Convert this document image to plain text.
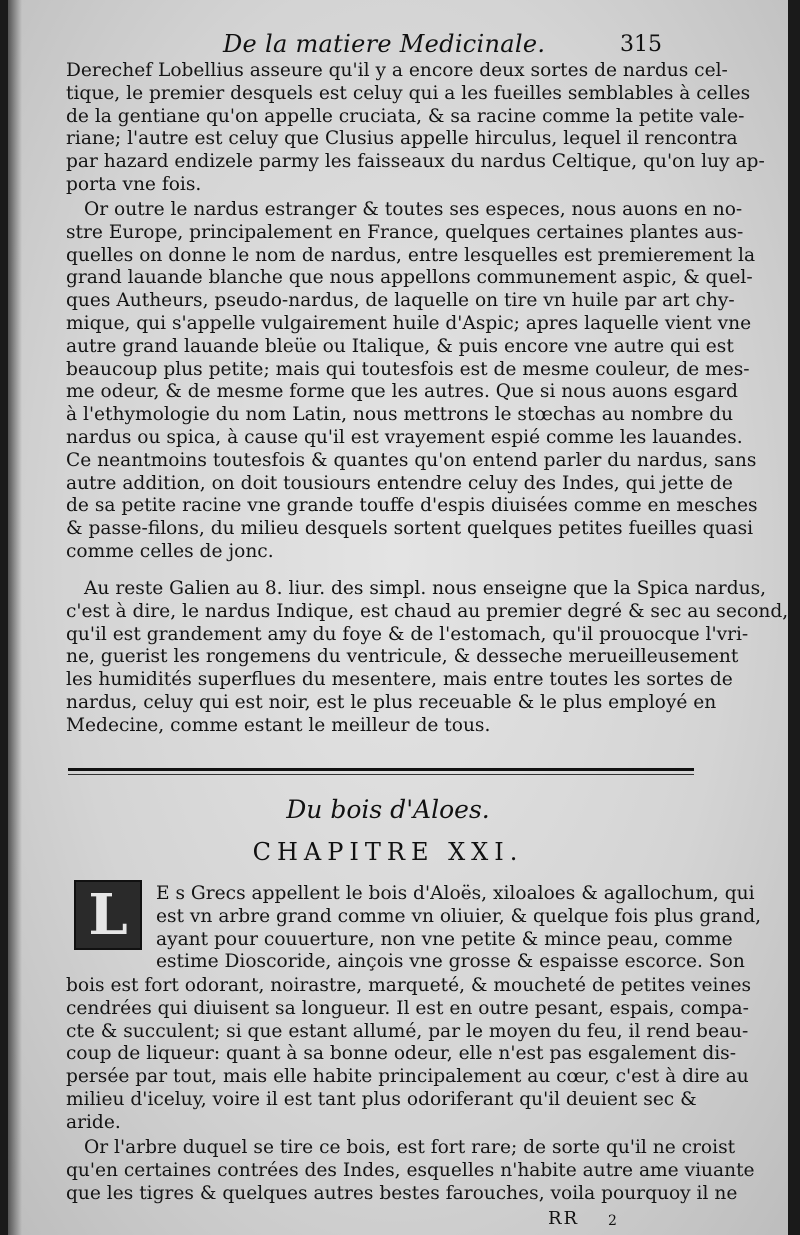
De la matiere Medicinale.	315
Derechef Lobellius asseure qu'il y a encore deux sortes de nardus cel-
tique, le premier desquels est celuy qui a les fueilles semblables à celles
de la gentiane qu'on appelle cruciata, & sa racine comme la petite vale-
riane; l'autre est celuy que Clusius appelle hirculus, lequel il rencontra
par hazard endizele parmy les faisseaux du nardus Celtique, qu'on luy ap-
porta vne fois.
Or outre le nardus estranger & toutes ses especes, nous auons en no-
stre Europe, principalement en France, quelques certaines plantes aus-
quelles on donne le nom de nardus, entre lesquelles est premierement la
grand lauande blanche que nous appellons communement aspic, & quel-
ques Autheurs, pseudo-nardus, de laquelle on tire vn huile par art chy-
mique, qui s'appelle vulgairement huile d'Aspic; apres laquelle vient vne
autre grand lauande bleüe ou Italique, & puis encore vne autre qui est
beaucoup plus petite; mais qui toutesfois est de mesme couleur, de mes-
me odeur, & de mesme forme que les autres. Que si nous auons esgard
à l'ethymologie du nom Latin, nous mettrons le stœchas au nombre du
nardus ou spica, à cause qu'il est vrayement espié comme les lauandes.
Ce neantmoins toutesfois & quantes qu'on entend parler du nardus, sans
autre addition, on doit tousiours entendre celuy des Indes, qui jette de
de sa petite racine vne grande touffe d'espis diuisées comme en mesches
& passe-filons, du milieu desquels sortent quelques petites fueilles quasi
comme celles de jonc.
Au reste Galien au 8. liur. des simpl. nous enseigne que la Spica nardus,
c'est à dire, le nardus Indique, est chaud au premier degré & sec au second,
qu'il est grandement amy du foye & de l'estomach, qu'il prouocque l'vri-
ne, guerist les rongemens du ventricule, & desseche merueilleusement
les humidités superflues du mesentere, mais entre toutes les sortes de
nardus, celuy qui est noir, est le plus receuable & le plus employé en
Medecine, comme estant le meilleur de tous.
Du bois d'Aloes.
CHAPITRE XXI.
L E s Grecs appellent le bois d'Aloës, xiloaloes & agallochum, qui
est vn arbre grand comme vn oliuier, & quelque fois plus grand,
ayant pour couuerture, non vne petite & mince peau, comme
estime Dioscoride, ainçois vne grosse & espaisse escorce. Son
bois est fort odorant, noirastre, marqueté, & moucheté de petites veines
cendrées qui diuisent sa longueur. Il est en outre pesant, espais, compa-
cte & succulent; si que estant allumé, par le moyen du feu, il rend beau-
coup de liqueur: quant à sa bonne odeur, elle n'est pas esgalement dis-
persée par tout, mais elle habite principalement au cœur, c'est à dire au
milieu d'iceluy, voire il est tant plus odoriferant qu'il deuient sec &
aride.
Or l'arbre duquel se tire ce bois, est fort rare; de sorte qu'il ne croist
qu'en certaines contrées des Indes, esquelles n'habite autre ame viuante
que les tigres & quelques autres bestes farouches, voila pourquoy il ne
RR 2
